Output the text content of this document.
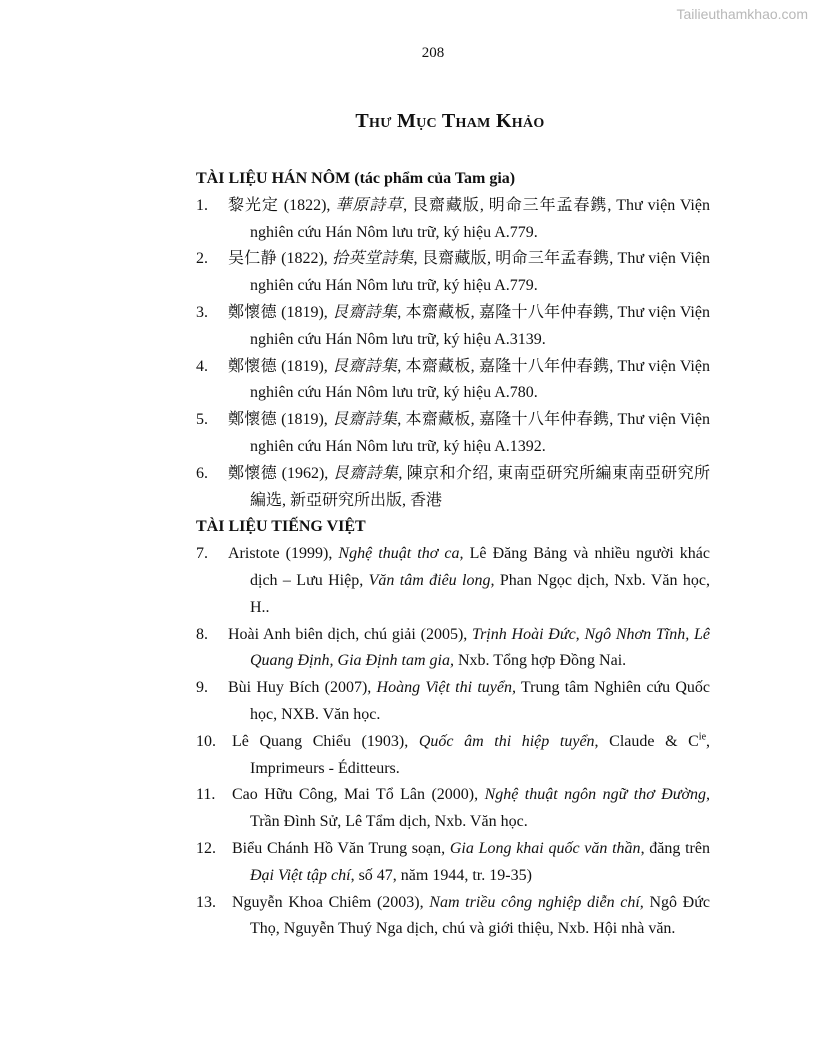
Tailieuthamkhao.com
208
Thư Mục Tham Khảo
TÀI LIỆU HÁN NÔM (tác phẩm của Tam gia)
1. 黎光定 (1822), 華原詩草, 艮齋藏版, 明命三年孟春鎸, Thư viện Viện nghiên cứu Hán Nôm lưu trữ, ký hiệu A.779.
2. 吴仁静 (1822), 拾英堂詩集, 艮齋藏版, 明命三年孟春鎸, Thư viện Viện nghiên cứu Hán Nôm lưu trữ, ký hiệu A.779.
3. 鄭懷德 (1819), 艮齋詩集, 本齋藏板, 嘉隆十八年仲春鎸, Thư viện Viện nghiên cứu Hán Nôm lưu trữ, ký hiệu A.3139.
4. 鄭懷德 (1819), 艮齋詩集, 本齋藏板, 嘉隆十八年仲春鎸, Thư viện Viện nghiên cứu Hán Nôm lưu trữ, ký hiệu A.780.
5. 鄭懷德 (1819), 艮齋詩集, 本齋藏板, 嘉隆十八年仲春鎸, Thư viện Viện nghiên cứu Hán Nôm lưu trữ, ký hiệu A.1392.
6. 鄭懷德 (1962), 艮齋詩集, 陳京和介绍, 東南亞研究所編東南亞研究所編选, 新亞研究所出版, 香港
TÀI LIỆU TIẾNG VIỆT
7. Aristote (1999), Nghệ thuật thơ ca, Lê Đăng Bảng và nhiều người khác dịch – Lưu Hiệp, Văn tâm điêu long, Phan Ngọc dịch, Nxb. Văn học, H..
8. Hoài Anh biên dịch, chú giải (2005), Trịnh Hoài Đức, Ngô Nhơn Tĩnh, Lê Quang Định, Gia Định tam gia, Nxb. Tổng hợp Đồng Nai.
9. Bùi Huy Bích (2007), Hoàng Việt thi tuyển, Trung tâm Nghiên cứu Quốc học, NXB. Văn học.
10. Lê Quang Chiểu (1903), Quốc âm thi hiệp tuyển, Claude & $C^{ie}$, Imprimeurs - Éditteurs.
11. Cao Hữu Công, Mai Tổ Lân (2000), Nghệ thuật ngôn ngữ thơ Đường, Trần Đình Sử, Lê Tẩm dịch, Nxb. Văn học.
12. Biểu Chánh Hồ Văn Trung soạn, Gia Long khai quốc văn thần, đăng trên Đại Việt tập chí, số 47, năm 1944, tr. 19-35)
13. Nguyễn Khoa Chiêm (2003), Nam triều công nghiệp diễn chí, Ngô Đức Thọ, Nguyễn Thuý Nga dịch, chú và giới thiệu, Nxb. Hội nhà văn.
